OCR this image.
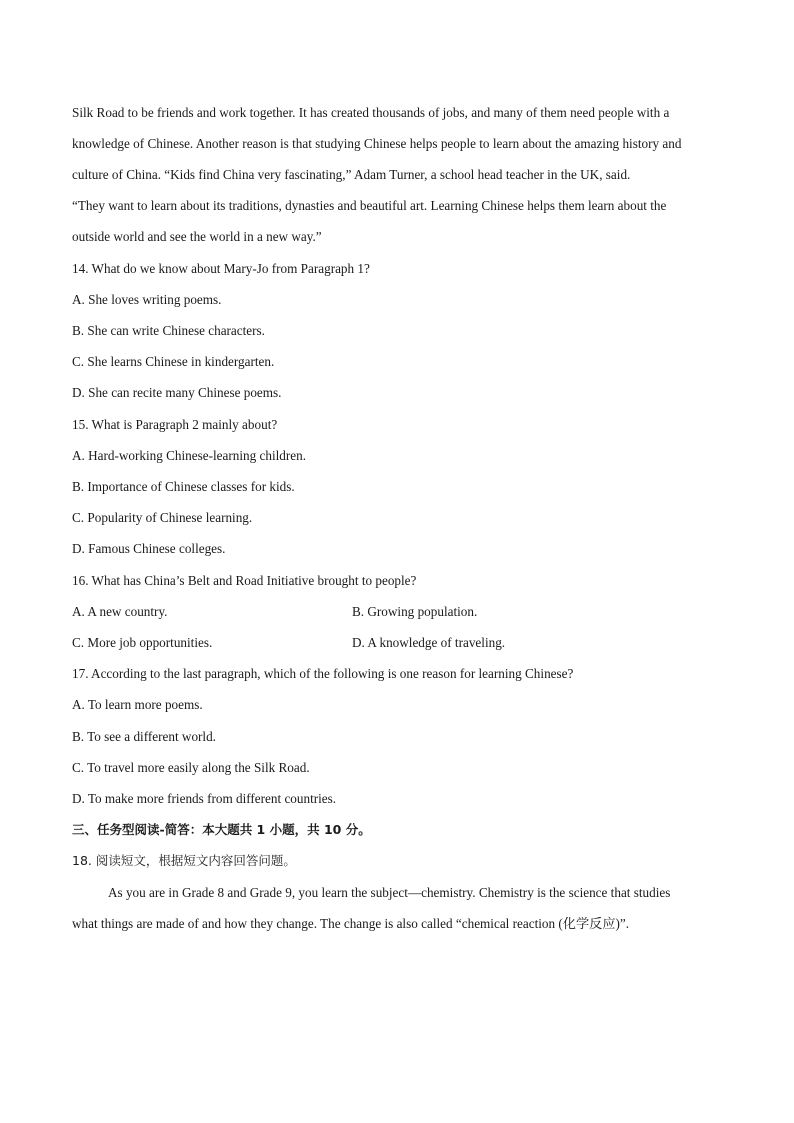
Silk Road to be friends and work together. It has created thousands of jobs, and many of them need people with a
knowledge of Chinese. Another reason is that studying Chinese helps people to learn about the amazing history and
culture of China. “Kids find China very fascinating,” Adam Turner, a school head teacher in the UK, said.
“They want to learn about its traditions, dynasties and beautiful art. Learning Chinese helps them learn about the
outside world and see the world in a new way.”
14. What do we know about Mary-Jo from Paragraph 1?
A. She loves writing poems.
B. She can write Chinese characters.
C. She learns Chinese in kindergarten.
D. She can recite many Chinese poems.
15. What is Paragraph 2 mainly about?
A. Hard-working Chinese-learning children.
B. Importance of Chinese classes for kids.
C. Popularity of Chinese learning.
D. Famous Chinese colleges.
16. What has China’s Belt and Road Initiative brought to people?
A. A new country.	B. Growing population.
C. More job opportunities.	D. A knowledge of traveling.
17. According to the last paragraph, which of the following is one reason for learning Chinese?
A. To learn more poems.
B. To see a different world.
C. To travel more easily along the Silk Road.
D. To make more friends from different countries.
三、任务型阅读-简答：本大题共 1 小题，共 10 分。
18. 阅读短文，根据短文内容回答问题。
As you are in Grade 8 and Grade 9, you learn the subject—chemistry. Chemistry is the science that studies
what things are made of and how they change. The change is also called “chemical reaction (化学反应)”.
